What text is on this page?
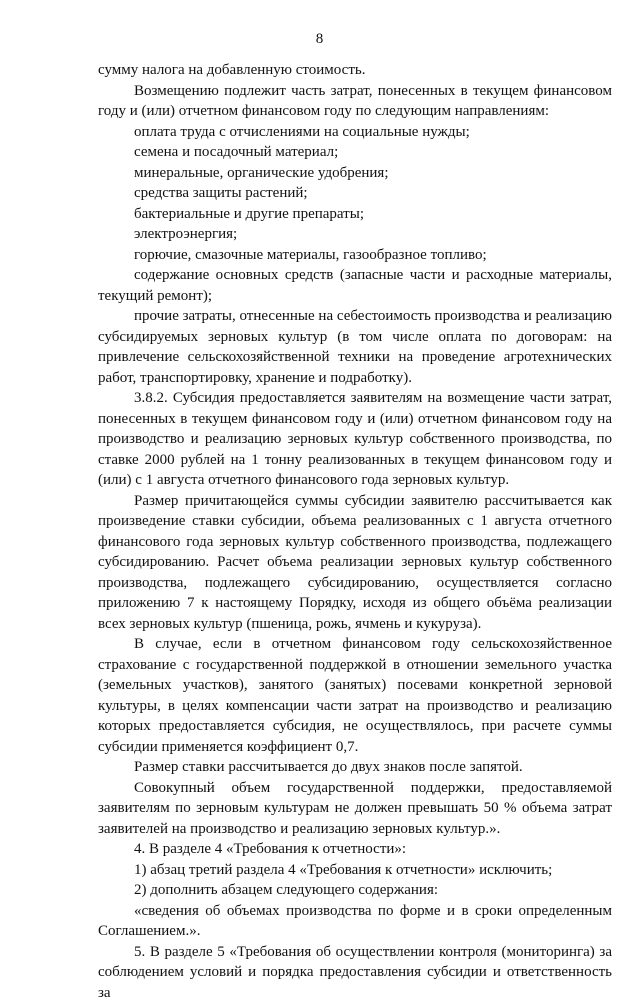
8

сумму налога на добавленную стоимость.

Возмещению подлежит часть затрат, понесенных в текущем финансовом году и (или) отчетном финансовом году по следующим направлениям:

оплата труда с отчислениями на социальные нужды;

семена и посадочный материал;

минеральные, органические удобрения;

средства защиты растений;

бактериальные и другие препараты;

электроэнергия;

горючие, смазочные материалы, газообразное топливо;

содержание основных средств (запасные части и расходные материалы, текущий ремонт);

прочие затраты, отнесенные на себестоимость производства и реализацию субсидируемых зерновых культур (в том числе оплата по договорам: на привлечение сельскохозяйственной техники на проведение агротехнических работ, транспортировку, хранение и подработку).

3.8.2. Субсидия предоставляется заявителям на возмещение части затрат, понесенных в текущем финансовом году и (или) отчетном финансовом году на производство и реализацию зерновых культур собственного производства, по ставке 2000 рублей на 1 тонну реализованных в текущем финансовом году и (или) с 1 августа отчетного финансового года зерновых культур.

Размер причитающейся суммы субсидии заявителю рассчитывается как произведение ставки субсидии, объема реализованных с 1 августа отчетного финансового года зерновых культур собственного производства, подлежащего субсидированию. Расчет объема реализации зерновых культур собственного производства, подлежащего субсидированию, осуществляется согласно приложению 7 к настоящему Порядку, исходя из общего объёма реализации всех зерновых культур (пшеница, рожь, ячмень и кукуруза).

В случае, если в отчетном финансовом году сельскохозяйственное страхование с государственной поддержкой в отношении земельного участка (земельных участков), занятого (занятых) посевами конкретной зерновой культуры, в целях компенсации части затрат на производство и реализацию которых предоставляется субсидия, не осуществлялось, при расчете суммы субсидии применяется коэффициент 0,7.

Размер ставки рассчитывается до двух знаков после запятой.

Совокупный объем государственной поддержки, предоставляемой заявителям по зерновым культурам не должен превышать 50 % объема затрат заявителей на производство и реализацию зерновых культур.».

4. В разделе 4 «Требования к отчетности»:

1) абзац третий раздела 4 «Требования к отчетности» исключить;

2) дополнить абзацем следующего содержания:

«сведения об объемах производства по форме и в сроки определенным Соглашением.».

5. В разделе 5 «Требования об осуществлении контроля (мониторинга) за соблюдением условий и порядка предоставления субсидии и ответственность за
